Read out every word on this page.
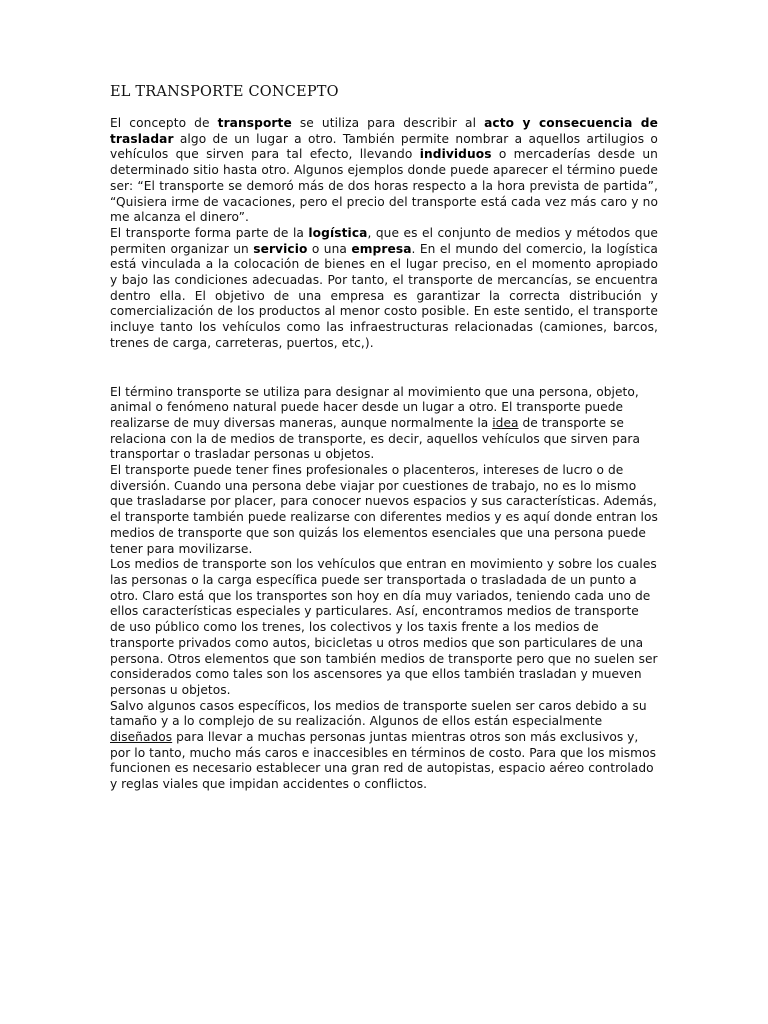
EL TRANSPORTE CONCEPTO

El concepto de transporte se utiliza para describir al acto y consecuencia de trasladar algo de un lugar a otro. También permite nombrar a aquellos artilugios o vehículos que sirven para tal efecto, llevando individuos o mercaderías desde un determinado sitio hasta otro. Algunos ejemplos donde puede aparecer el término puede ser: “El transporte se demoró más de dos horas respecto a la hora prevista de partida”, “Quisiera irme de vacaciones, pero el precio del transporte está cada vez más caro y no me alcanza el dinero”.

El transporte forma parte de la logística, que es el conjunto de medios y métodos que permiten organizar un servicio o una empresa. En el mundo del comercio, la logística está vinculada a la colocación de bienes en el lugar preciso, en el momento apropiado y bajo las condiciones adecuadas. Por tanto, el transporte de mercancías, se encuentra dentro ella. El objetivo de una empresa es garantizar la correcta distribución y comercialización de los productos al menor costo posible. En este sentido, el transporte incluye tanto los vehículos como las infraestructuras relacionadas (camiones, barcos, trenes de carga, carreteras, puertos, etc,).

El término transporte se utiliza para designar al movimiento que una persona, objeto, animal o fenómeno natural puede hacer desde un lugar a otro. El transporte puede realizarse de muy diversas maneras, aunque normalmente la idea de transporte se relaciona con la de medios de transporte, es decir, aquellos vehículos que sirven para transportar o trasladar personas u objetos.

El transporte puede tener fines profesionales o placenteros, intereses de lucro o de diversión. Cuando una persona debe viajar por cuestiones de trabajo, no es lo mismo que trasladarse por placer, para conocer nuevos espacios y sus características. Además, el transporte también puede realizarse con diferentes medios y es aquí donde entran los medios de transporte que son quizás los elementos esenciales que una persona puede tener para movilizarse.

Los medios de transporte son los vehículos que entran en movimiento y sobre los cuales las personas o la carga específica puede ser transportada o trasladada de un punto a otro. Claro está que los transportes son hoy en día muy variados, teniendo cada uno de ellos características especiales y particulares. Así, encontramos medios de transporte de uso público como los trenes, los colectivos y los taxis frente a los medios de transporte privados como autos, bicicletas u otros medios que son particulares de una persona. Otros elementos que son también medios de transporte pero que no suelen ser considerados como tales son los ascensores ya que ellos también trasladan y mueven personas u objetos.

Salvo algunos casos específicos, los medios de transporte suelen ser caros debido a su tamaño y a lo complejo de su realización. Algunos de ellos están especialmente diseñados para llevar a muchas personas juntas mientras otros son más exclusivos y, por lo tanto, mucho más caros e inaccesibles en términos de costo. Para que los mismos funcionen es necesario establecer una gran red de autopistas, espacio aéreo controlado y reglas viales que impidan accidentes o conflictos.
